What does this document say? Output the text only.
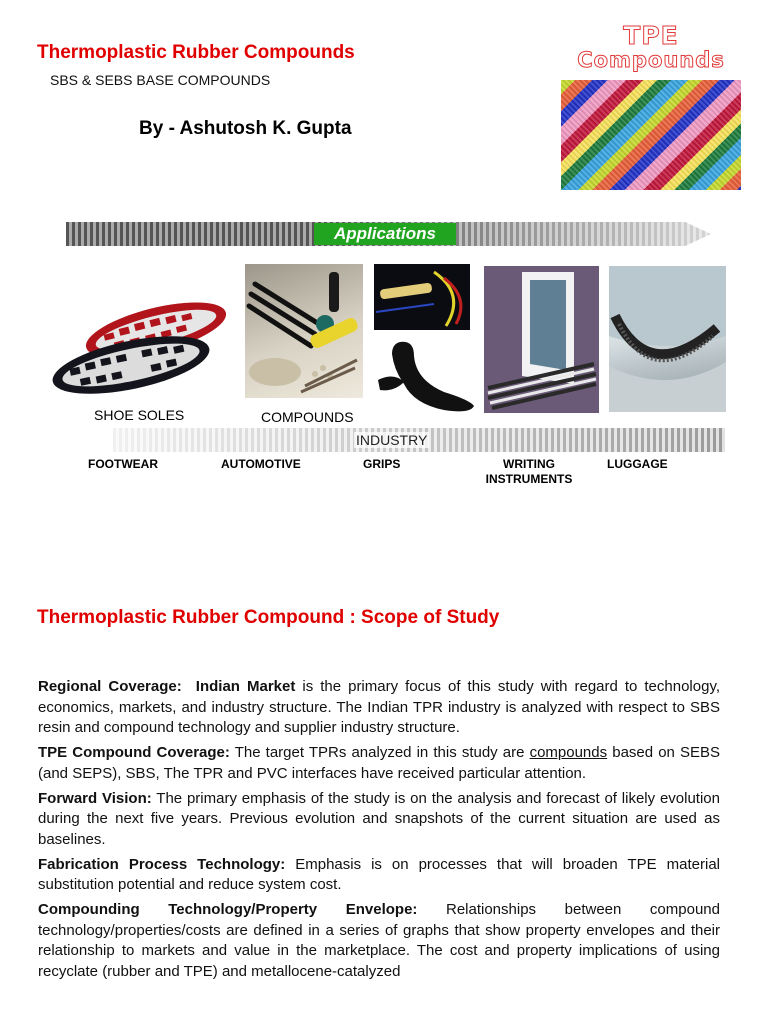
Thermoplastic Rubber Compounds
SBS & SEBS BASE COMPOUNDS
By - Ashutosh K. Gupta
TPE
Compounds
Applications
SHOE SOLES	COMPOUNDS
INDUSTRY
FOOTWEAR	AUTOMOTIVE	GRIPS	WRITING
INSTRUMENTS
LUGGAGE
Thermoplastic Rubber Compound : Scope of Study

Regional Coverage: Indian Market is the primary focus of this study with regard to technology, economics, markets, and industry structure. The Indian TPR industry is analyzed with respect to SBS resin and compound technology and supplier industry structure.

TPE Compound Coverage: The target TPRs analyzed in this study are compounds based on SEBS (and SEPS), SBS, The TPR and PVC interfaces have received particular attention.

Forward Vision: The primary emphasis of the study is on the analysis and forecast of likely evolution during the next five years. Previous evolution and snapshots of the current situation are used as baselines.

Fabrication Process Technology: Emphasis is on processes that will broaden TPE material substitution potential and reduce system cost.

Compounding Technology/Property Envelope: Relationships between compound technology/properties/costs are defined in a series of graphs that show property envelopes and their relationship to markets and value in the marketplace. The cost and property implications of using recyclate (rubber and TPE) and metallocene-catalyzed
